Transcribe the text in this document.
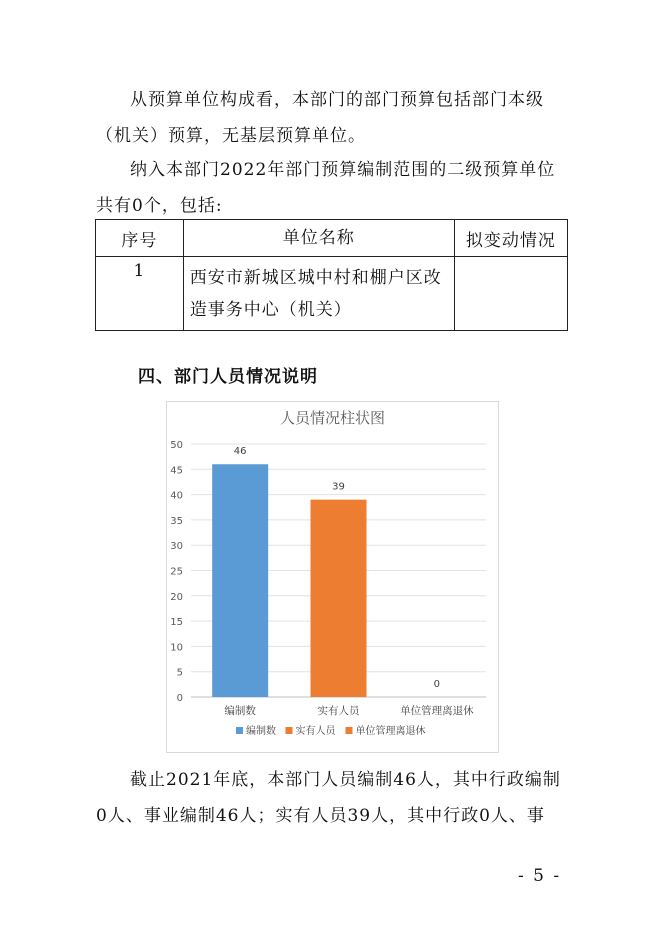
从预算单位构成看，本部门的部门预算包括部门本级（机关）预算，无基层预算单位。
纳入本部门2022年部门预算编制范围的二级预算单位共有0个，包括:
序号	单位名称	拟变动情况
1	西安市新城区城中村和棚户区改造事务中心（机关）	
四、部门人员情况说明
人员情况柱状图
0
5
10
15
20
25
30
35
40
45
50
46
编制数
39
实有人员
0
单位管理离退休
编制数 实有人员 单位管理离退休
截止2021年底，本部门人员编制46人，其中行政编制0人、事业编制46人；实有人员39人，其中行政0人、事
- 5 -
